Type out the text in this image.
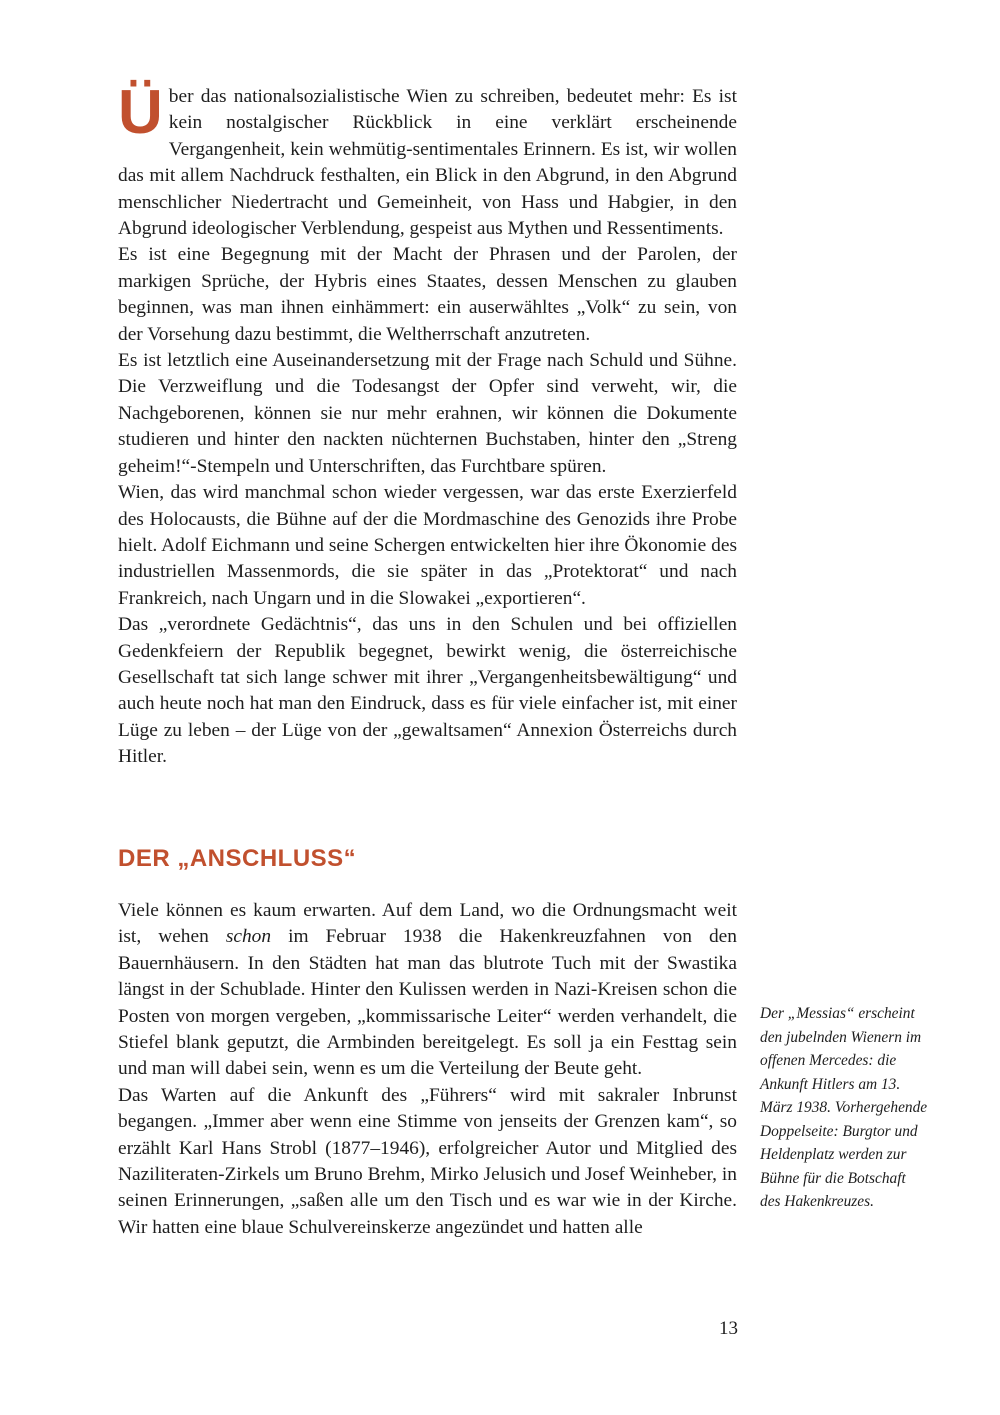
Über das nationalsozialistische Wien zu schreiben, bedeutet mehr: Es ist kein nostalgischer Rückblick in eine verklärt erscheinende Vergangenheit, kein wehmütig-sentimentales Erinnern. Es ist, wir wollen das mit allem Nachdruck festhalten, ein Blick in den Abgrund, in den Abgrund menschlicher Niedertracht und Gemeinheit, von Hass und Habgier, in den Abgrund ideologischer Verblendung, gespeist aus Mythen und Ressentiments.

Es ist eine Begegnung mit der Macht der Phrasen und der Parolen, der markigen Sprüche, der Hybris eines Staates, dessen Menschen zu glauben beginnen, was man ihnen einhämmert: ein auserwähltes „Volk“ zu sein, von der Vorsehung dazu bestimmt, die Weltherrschaft anzutreten.

Es ist letztlich eine Auseinandersetzung mit der Frage nach Schuld und Sühne. Die Verzweiflung und die Todesangst der Opfer sind verweht, wir, die Nachgeborenen, können sie nur mehr erahnen, wir können die Dokumente studieren und hinter den nackten nüchternen Buchstaben, hinter den „Streng geheim!“-Stempeln und Unterschriften, das Furchtbare spüren.

Wien, das wird manchmal schon wieder vergessen, war das erste Exerzierfeld des Holocausts, die Bühne auf der die Mordmaschine des Genozids ihre Probe hielt. Adolf Eichmann und seine Schergen entwickelten hier ihre Ökonomie des industriellen Massenmords, die sie später in das „Protektorat“ und nach Frankreich, nach Ungarn und in die Slowakei „exportieren“.

Das „verordnete Gedächtnis“, das uns in den Schulen und bei offiziellen Gedenkfeiern der Republik begegnet, bewirkt wenig, die österreichische Gesellschaft tat sich lange schwer mit ihrer „Vergangenheitsbewältigung“ und auch heute noch hat man den Eindruck, dass es für viele einfacher ist, mit einer Lüge zu leben – der Lüge von der „gewaltsamen“ Annexion Österreichs durch Hitler.

DER „ANSCHLUSS“

Viele können es kaum erwarten. Auf dem Land, wo die Ordnungsmacht weit ist, wehen schon im Februar 1938 die Hakenkreuzfahnen von den Bauernhäusern. In den Städten hat man das blutrote Tuch mit der Swastika längst in der Schublade. Hinter den Kulissen werden in Nazi-Kreisen schon die Posten von morgen vergeben, „kommissarische Leiter“ werden verhandelt, die Stiefel blank geputzt, die Armbinden bereitgelegt. Es soll ja ein Festtag sein und man will dabei sein, wenn es um die Verteilung der Beute geht.

Das Warten auf die Ankunft des „Führers“ wird mit sakraler Inbrunst begangen. „Immer aber wenn eine Stimme von jenseits der Grenzen kam“, so erzählt Karl Hans Strobl (1877–1946), erfolgreicher Autor und Mitglied des Naziliteraten-Zirkels um Bruno Brehm, Mirko Jelusich und Josef Weinheber, in seinen Erinnerungen, „saßen alle um den Tisch und es war wie in der Kirche. Wir hatten eine blaue Schulvereinskerze angezündet und hatten alle

Der „Messias“ erscheint den jubelnden Wienern im offenen Mercedes: die Ankunft Hitlers am 13. März 1938. Vorhergehende Doppelseite: Burgtor und Heldenplatz werden zur Bühne für die Botschaft des Hakenkreuzes.

13
